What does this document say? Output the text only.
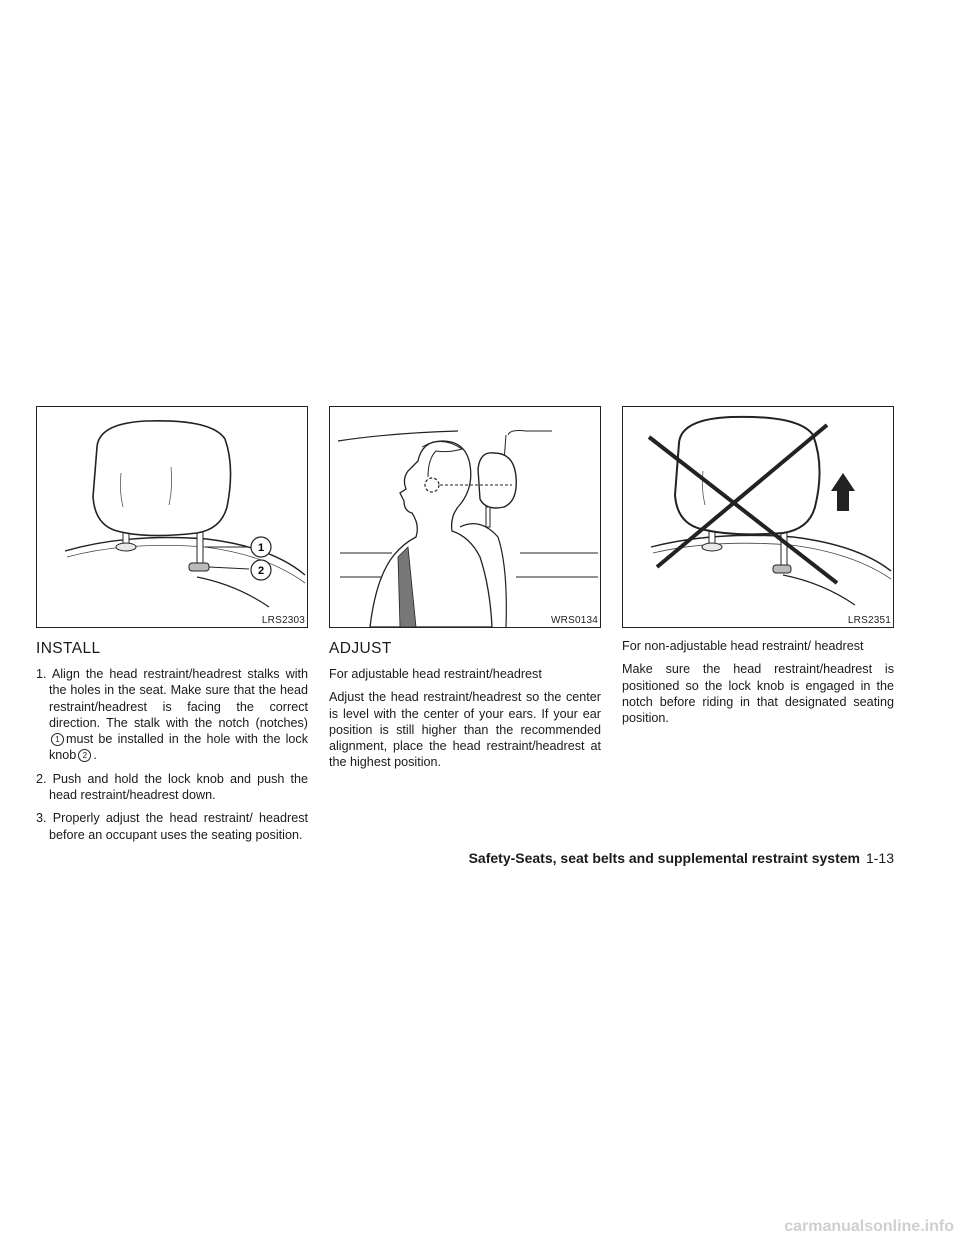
1
2
LRS2303
INSTALL
1. Align the head restraint/headrest stalks with the holes in the seat. Make sure that the head restraint/headrest is facing the correct direction. The stalk with the notch (notches)1 must be installed in the hole with the lock knob 2 .
2. Push and hold the lock knob and push the head restraint/headrest down.
3. Properly adjust the head restraint/ headrest before an occupant uses the seating position.
WRS0134
ADJUST

For adjustable head restraint/headrest

Adjust the head restraint/headrest so the center is level with the center of your ears. If your ear position is still higher than the recommended alignment, place the head restraint/headrest at the highest position.

LRS2351

For non-adjustable head restraint/ headrest

Make sure the head restraint/headrest is positioned so the lock knob is engaged in the notch before riding in that designated seating position.

Safety-Seats, seat belts and supplemental restraint system 1-13
carmanualsonline.info
